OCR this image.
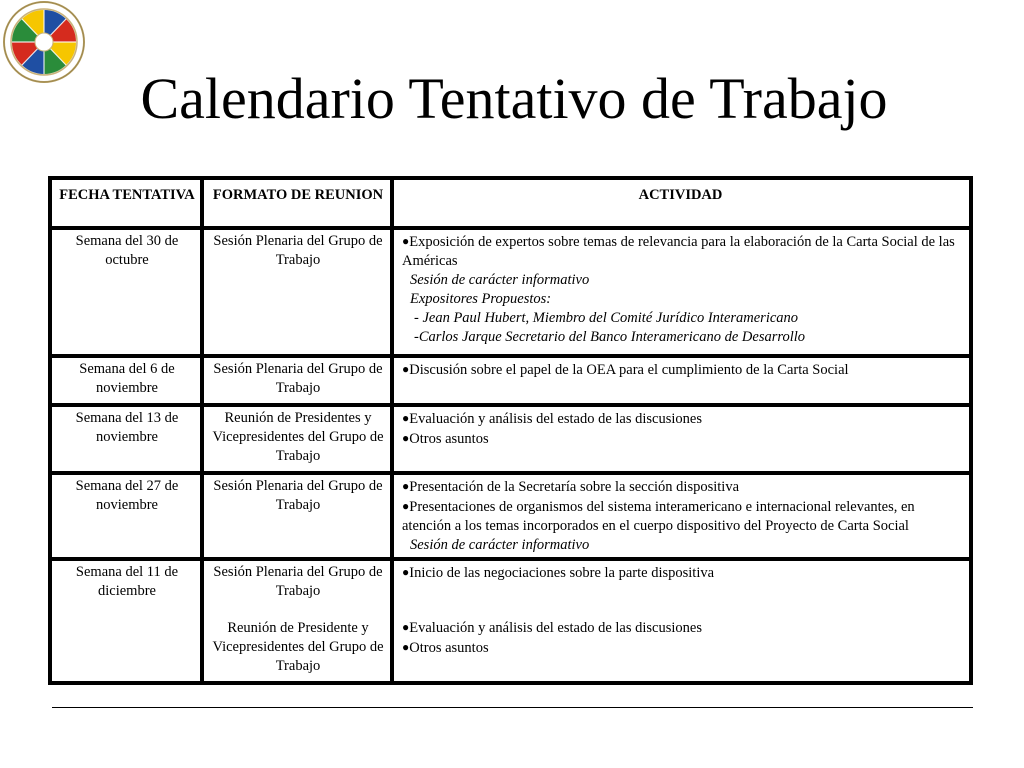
Calendario Tentativo de Trabajo
FECHA TENTATIVA	FORMATO DE REUNION	ACTIVIDAD
Semana del 30 de octubre
Sesión Plenaria del Grupo de Trabajo
●Exposición de expertos sobre temas de relevancia para la elaboración de la Carta Social de las Américas
Sesión de carácter informativo
Expositores Propuestos:
- Jean Paul Hubert, Miembro del Comité Jurídico Interamericano
-Carlos Jarque Secretario del Banco Interamericano de Desarrollo
Semana del 6 de noviembre
Sesión Plenaria del Grupo de Trabajo
●Discusión sobre el papel de la OEA para el cumplimiento de la Carta Social
Semana del 13 de noviembre
Reunión de Presidentes y Vicepresidentes del Grupo de Trabajo
●Evaluación y análisis del estado de las discusiones
●Otros asuntos
Semana del 27 de noviembre
Sesión Plenaria del Grupo de Trabajo
●Presentación de la Secretaría sobre la sección dispositiva
●Presentaciones de organismos del sistema interamericano e internacional relevantes, en atención a los temas incorporados en el cuerpo dispositivo del Proyecto de Carta Social
Sesión de carácter informativo
Semana del 11 de diciembre
Sesión Plenaria del Grupo de Trabajo
Reunión de Presidente y Vicepresidentes del Grupo de Trabajo
●Inicio de las negociaciones sobre la parte dispositiva
●Evaluación y análisis del estado de las discusiones
●Otros asuntos
